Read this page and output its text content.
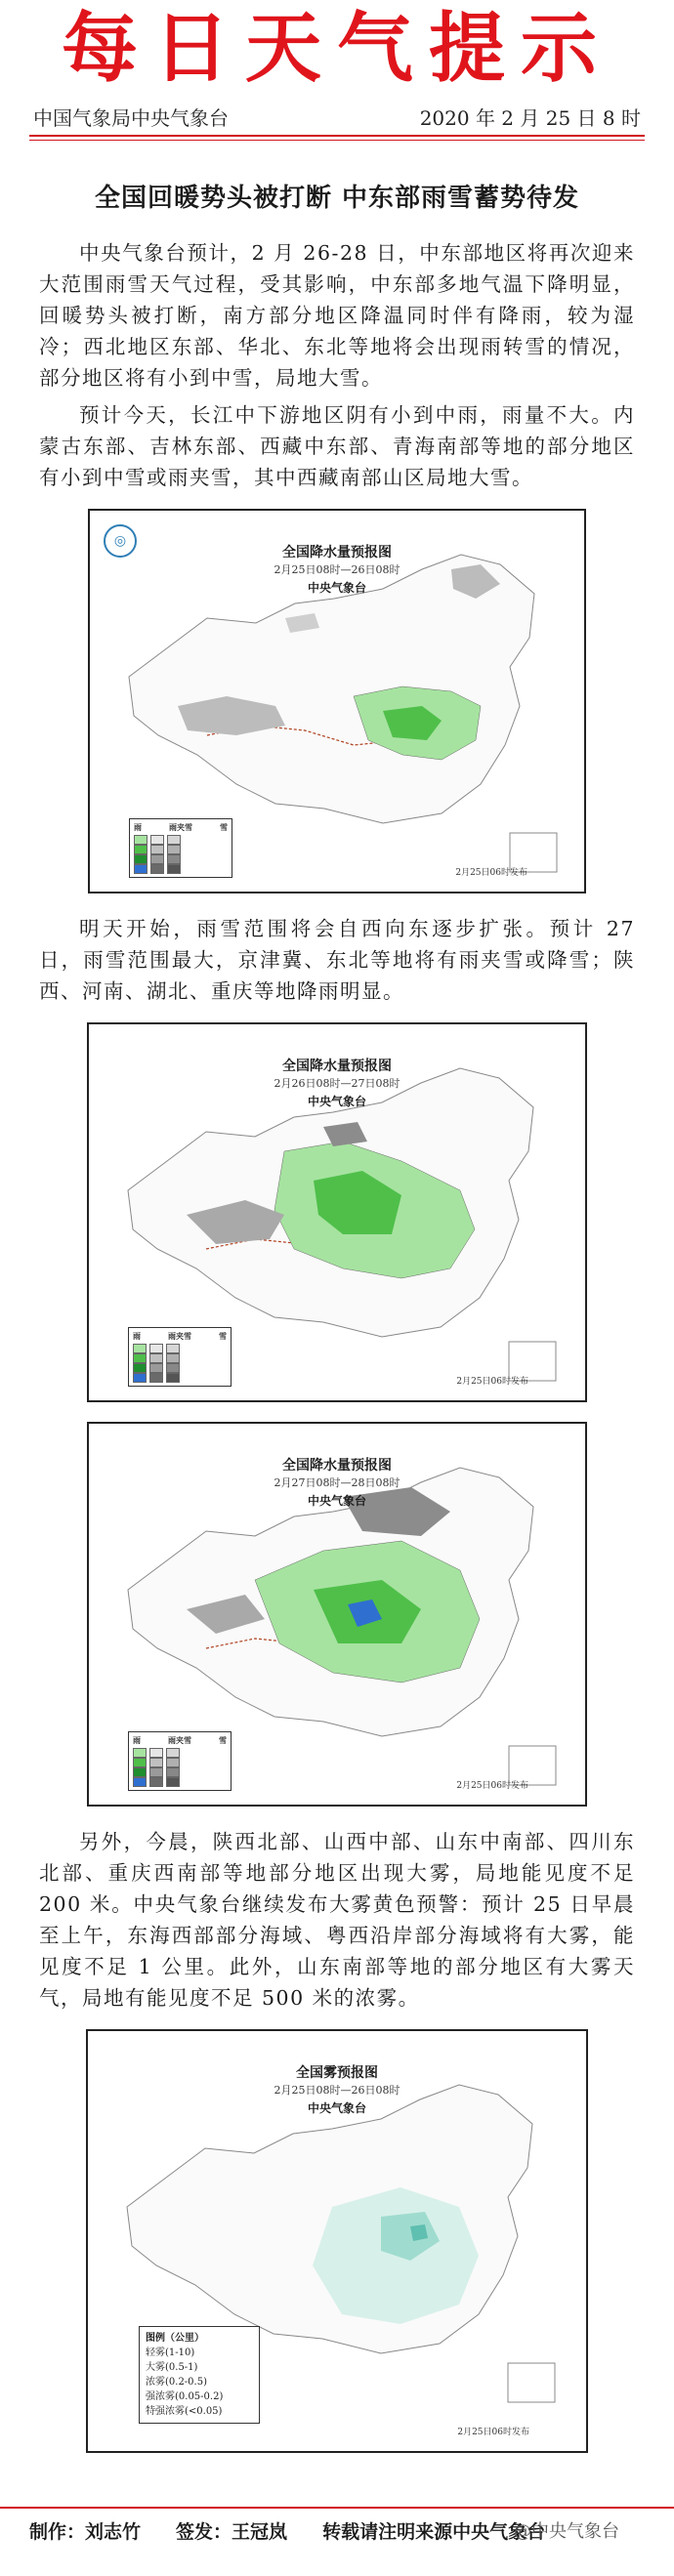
每日天气提示
中国气象局中央气象台	2020 年 2 月 25 日 8 时
全国回暖势头被打断 中东部雨雪蓄势待发

中央气象台预计，2 月 26-28 日，中东部地区将再次迎来大范围雨雪天气过程，受其影响，中东部多地气温下降明显，回暖势头被打断，南方部分地区降温同时伴有降雨，较为湿冷；西北地区东部、华北、东北等地将会出现雨转雪的情况，部分地区将有小到中雪，局地大雪。

预计今天，长江中下游地区阴有小到中雨，雨量不大。内蒙古东部、吉林东部、西藏中东部、青海南部等地的部分地区有小到中雪或雨夹雪，其中西藏南部山区局地大雪。

◎
全国降水量预报图
2月25日08时—26日08时
中央气象台
雨	雨夹雪	雪
2月25日06时发布

明天开始，雨雪范围将会自西向东逐步扩张。预计 27 日，雨雪范围最大，京津冀、东北等地将有雨夹雪或降雪；陕西、河南、湖北、重庆等地降雨明显。

全国降水量预报图
2月26日08时—27日08时
中央气象台
雨	雨夹雪	雪
2月25日06时发布
全国降水量预报图
2月27日08时—28日08时
中央气象台
雨	雨夹雪	雪
2月25日06时发布

另外，今晨，陕西北部、山西中部、山东中南部、四川东北部、重庆西南部等地部分地区出现大雾，局地能见度不足 200 米。中央气象台继续发布大雾黄色预警：预计 25 日早晨至上午，东海西部部分海域、粤西沿岸部分海域将有大雾，能见度不足 1 公里。此外，山东南部等地的部分地区有大雾天气，局地有能见度不足 500 米的浓雾。

全国雾预报图
2月25日08时—26日08时
中央气象台
图例（公里）
轻雾(1-10)
大雾(0.5-1)
浓雾(0.2-0.5)
强浓雾(0.05-0.2)
特强浓雾(<0.05)
2月25日06时发布
制作：刘志竹 签发：王冠岚 转载请注明来源中央气象台
@中央气象台
